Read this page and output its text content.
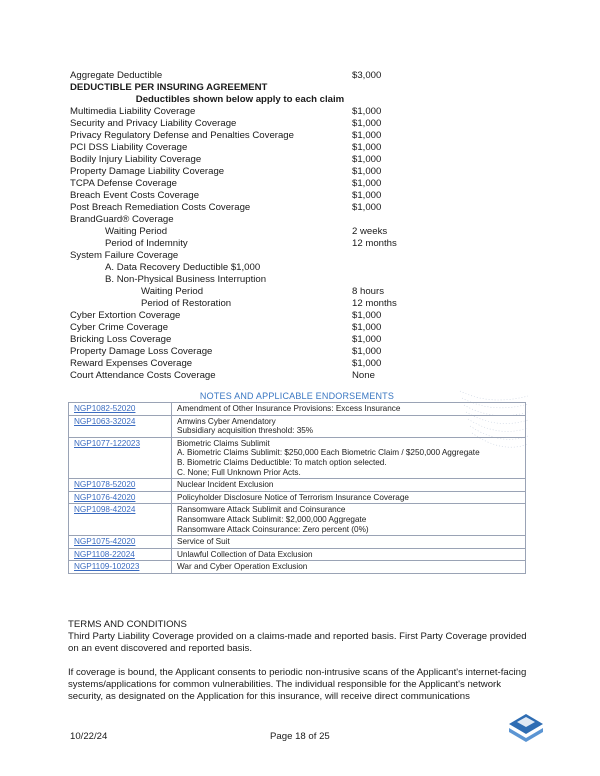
Aggregate Deductible	$3,000
DEDUCTIBLE PER INSURING AGREEMENT
Deductibles shown below apply to each claim
Multimedia Liability Coverage	$1,000
Security and Privacy Liability Coverage	$1,000
Privacy Regulatory Defense and Penalties Coverage	$1,000
PCI DSS Liability Coverage	$1,000
Bodily Injury Liability Coverage	$1,000
Property Damage Liability Coverage	$1,000
TCPA Defense Coverage	$1,000
Breach Event Costs Coverage	$1,000
Post Breach Remediation Costs Coverage	$1,000
BrandGuard® Coverage
Waiting Period	2 weeks
Period of Indemnity	12 months
System Failure Coverage
A. Data Recovery Deductible $1,000
B. Non-Physical Business Interruption
Waiting Period	8 hours
Period of Restoration	12 months
Cyber Extortion Coverage	$1,000
Cyber Crime Coverage	$1,000
Bricking Loss Coverage	$1,000
Property Damage Loss Coverage	$1,000
Reward Expenses Coverage	$1,000
Court Attendance Costs Coverage	None
NOTES AND APPLICABLE ENDORSEMENTS
NGP1082-52020	Amendment of Other Insurance Provisions: Excess Insurance

NGP1063-32024	Amwins Cyber Amendatory
Subsidiary acquisition threshold: 35%

NGP1077-122023	Biometric Claims Sublimit
A. Biometric Claims Sublimit: $250,000 Each Biometric Claim / $250,000 Aggregate
B. Biometric Claims Deductible: To match option selected.
C. None; Full Unknown Prior Acts.

NGP1078-52020	Nuclear Incident Exclusion

NGP1076-42020	Policyholder Disclosure Notice of Terrorism Insurance Coverage

NGP1098-42024	Ransomware Attack Sublimit and Coinsurance
Ransomware Attack Sublimit: $2,000,000 Aggregate
Ransomware Attack Coinsurance: Zero percent (0%)

NGP1075-42020	Service of Suit

NGP1108-22024	Unlawful Collection of Data Exclusion

NGP1109-102023	War and Cyber Operation Exclusion

TERMS AND CONDITIONS

Third Party Liability Coverage provided on a claims-made and reported basis. First Party Coverage provided on an event discovered and reported basis.

If coverage is bound, the Applicant consents to periodic non-intrusive scans of the Applicant's internet-facing systems/applications for common vulnerabilities. The individual responsible for the Applicant's network security, as designated on the Application for this insurance, will receive direct communications

10/22/24	Page 18 of 25
